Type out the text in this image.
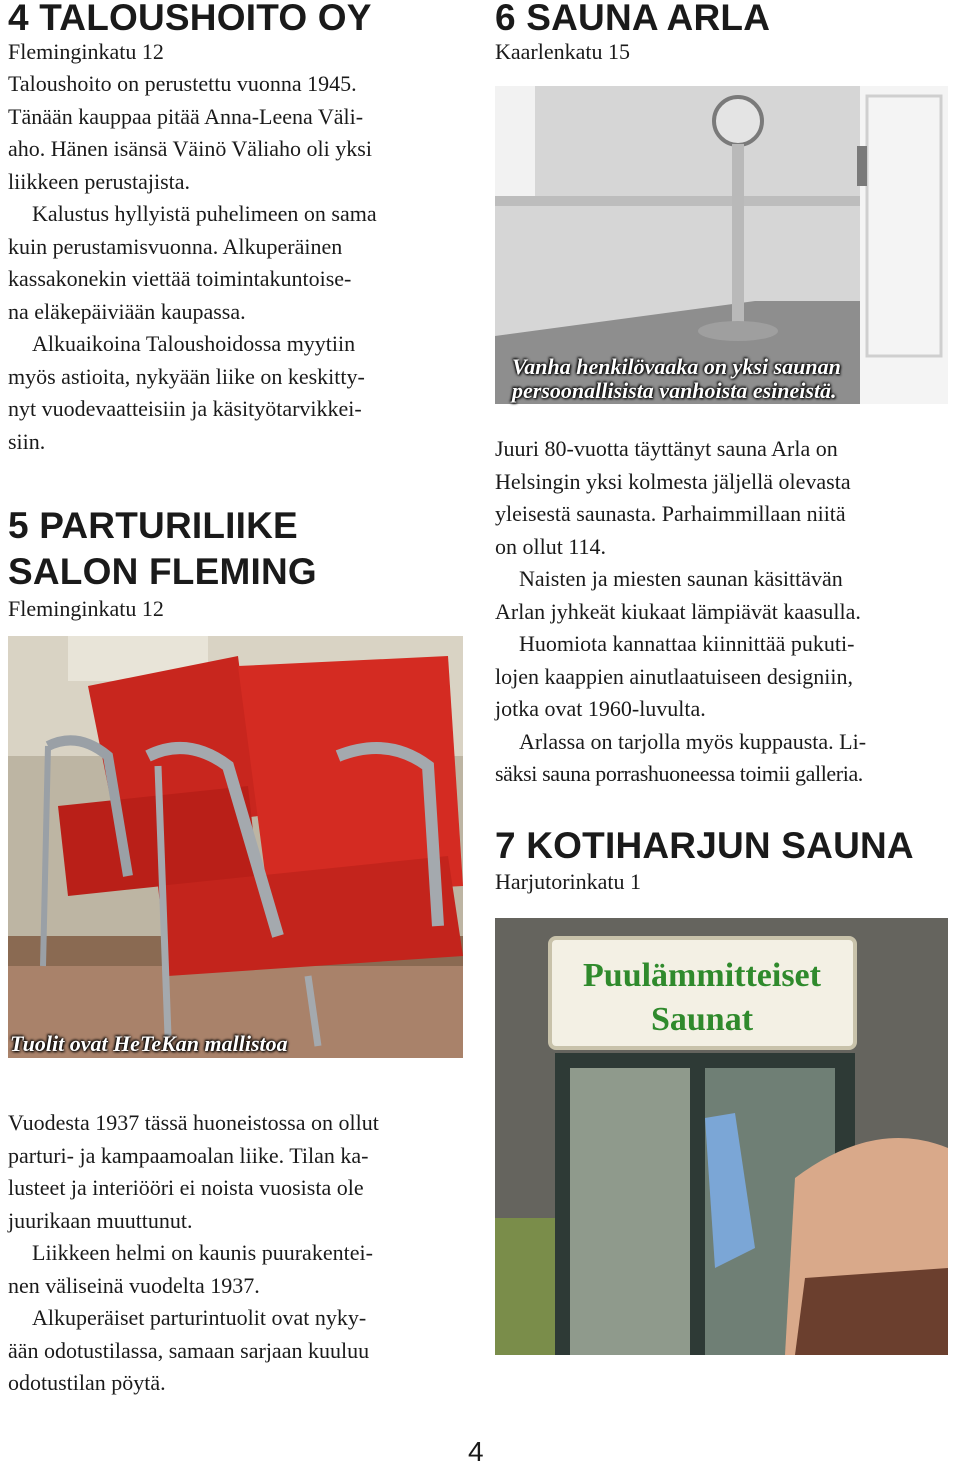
4 TALOUSHOITO OY

Fleminginkatu 12

Taloushoito on perustettu vuonna 1945.

Tänään kauppaa pitää Anna-Leena Väli-

aho. Hänen isänsä Väinö Väliaho oli yksi

liikkeen perustajista.

Kalustus hyllyistä puhelimeen on sama

kuin perustamisvuonna. Alkuperäinen

kassakonekin viettää toimintakuntoise-

na eläkepäiviään kaupassa.

Alkuaikoina Taloushoidossa myytiin

myös astioita, nykyään liike on keskitty-

nyt vuodevaatteisiin ja käsityötarvikkei-

siin.

5 PARTURILIIKE
SALON FLEMING

Fleminginkatu 12

Tuolit ovat HeTeKan mallistoa

Vuodesta 1937 tässä huoneistossa on ollut

parturi- ja kampaamoalan liike. Tilan ka-

lusteet ja interiööri ei noista vuosista ole

juurikaan muuttunut.

Liikkeen helmi on kaunis puurakentei-

nen väliseinä vuodelta 1937.

Alkuperäiset parturintuolit ovat nyky-

ään odotustilassa, samaan sarjaan kuuluu

odotustilan pöytä.

6 SAUNA ARLA

Kaarlenkatu 15

Vanha henkilövaaka on yksi saunan
persoonallisista vanhoista esineistä.

Juuri 80-vuotta täyttänyt sauna Arla on

Helsingin yksi kolmesta jäljellä olevasta

yleisestä saunasta. Parhaimmillaan niitä

on ollut 114.

Naisten ja miesten saunan käsittävän

Arlan jyhkeät kiukaat lämpiävät kaasulla.

Huomiota kannattaa kiinnittää pukuti-

lojen kaappien ainutlaatuiseen designiin,

jotka ovat 1960-luvulta.

Arlassa on tarjolla myös kuppausta. Li-

säksi sauna porrashuoneessa toimii galleria.

7 KOTIHARJUN SAUNA

Harjutorinkatu 1

Puulämmitteiset
Saunat
4
